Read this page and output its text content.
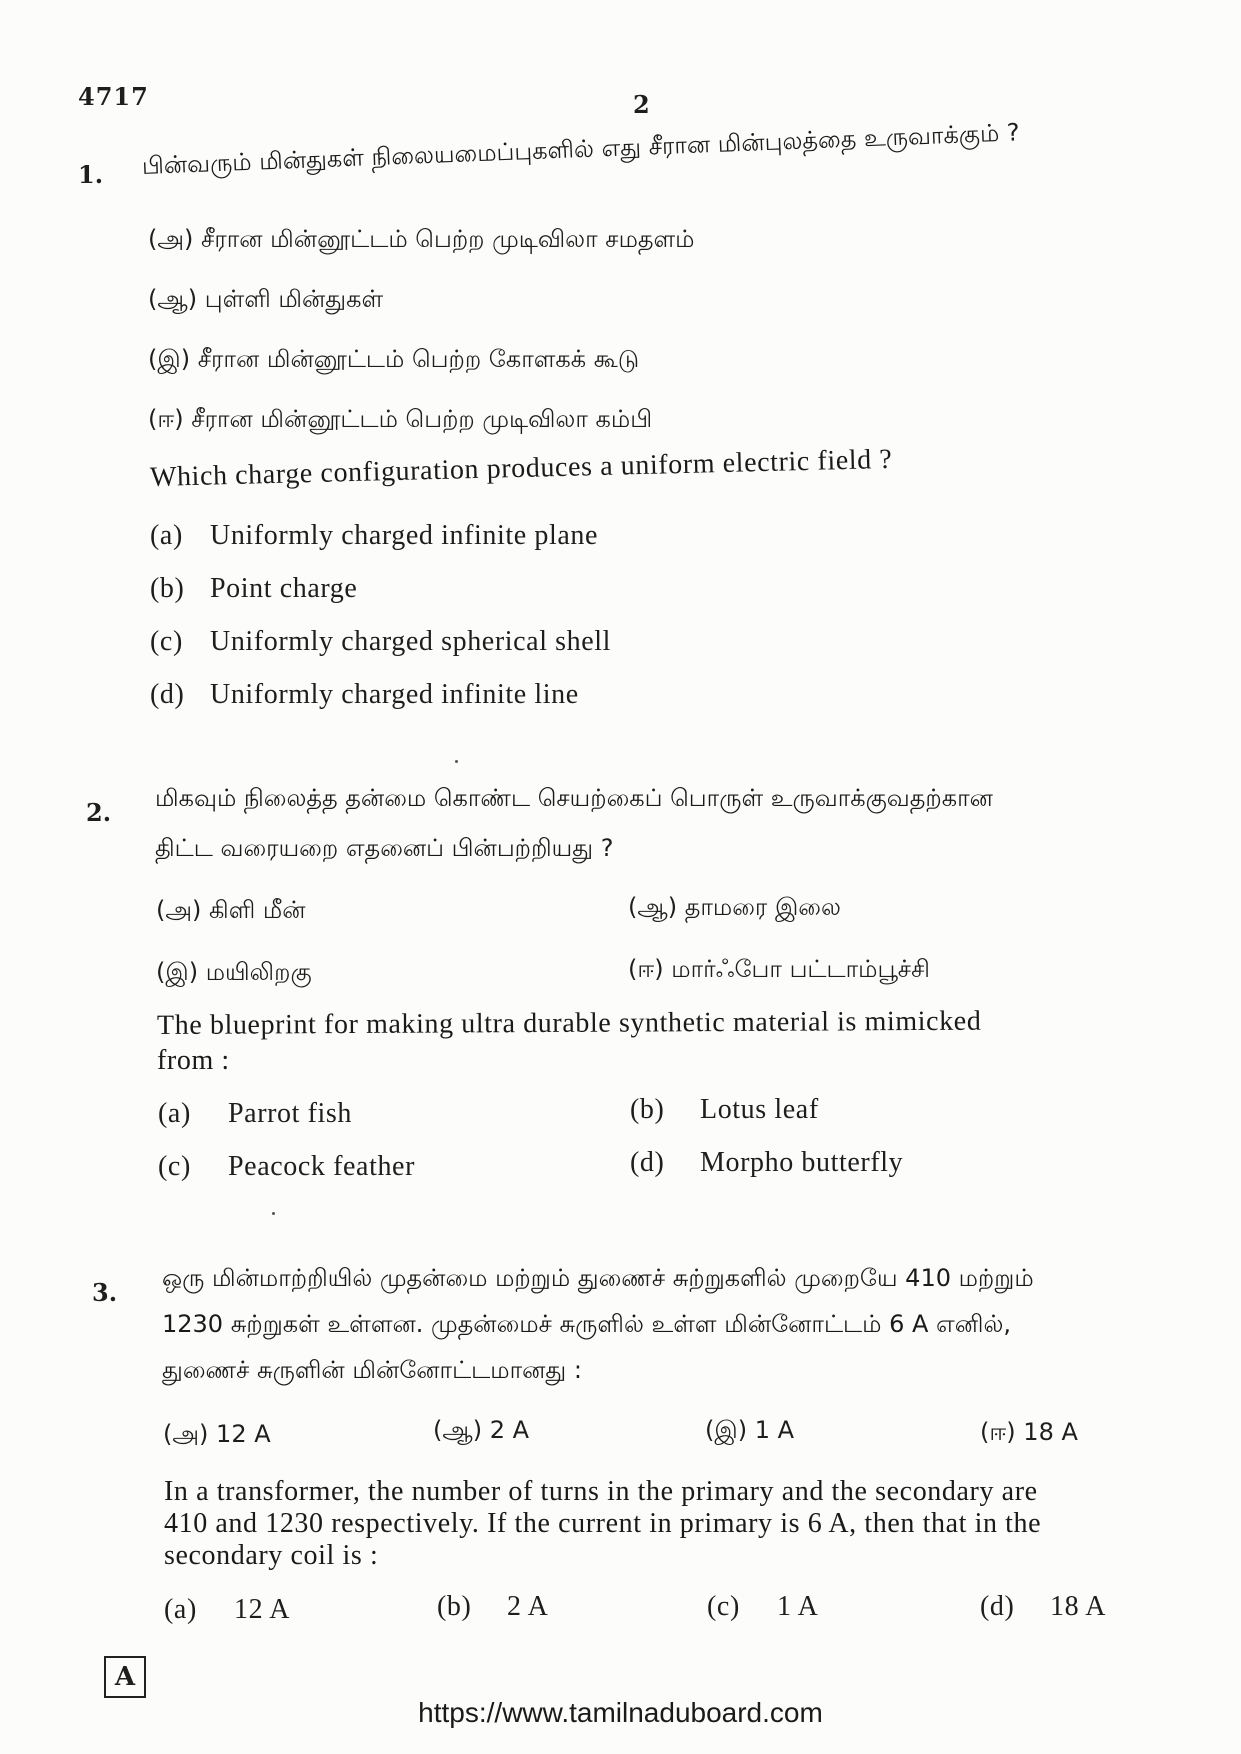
4717	2
1. பின்வரும் மின்துகள் நிலையமைப்புகளில் எது சீரான மின்புலத்தை உருவாக்கும் ?
(அ) சீரான மின்னூட்டம் பெற்ற முடிவிலா சமதளம்
(ஆ) புள்ளி மின்துகள்
(இ) சீரான மின்னூட்டம் பெற்ற கோளகக் கூடு
(ஈ) சீரான மின்னூட்டம் பெற்ற முடிவிலா கம்பி
Which charge configuration produces a uniform electric field ?
(a) Uniformly charged infinite plane
(b) Point charge
(c) Uniformly charged spherical shell
(d) Uniformly charged infinite line
2. மிகவும் நிலைத்த தன்மை கொண்ட செயற்கைப் பொருள் உருவாக்குவதற்கான
திட்ட வரையறை எதனைப் பின்பற்றியது ?
(அ) கிளி மீன்	(ஆ) தாமரை இலை
(இ) மயிலிறகு	(ஈ) மார்ஃபோ பட்டாம்பூச்சி
The blueprint for making ultra durable synthetic material is mimicked
from :
(a) Parrot fish	(b) Lotus leaf
(c) Peacock feather	(d) Morpho butterfly
3. ஒரு மின்மாற்றியில் முதன்மை மற்றும் துணைச் சுற்றுகளில் முறையே 410 மற்றும்
1230 சுற்றுகள் உள்ளன. முதன்மைச் சுருளில் உள்ள மின்னோட்டம் 6 A எனில்,
துணைச் சுருளின் மின்னோட்டமானது :
(அ) 12 A	(ஆ) 2 A	(இ) 1 A	(ஈ) 18 A
In a transformer, the number of turns in the primary and the secondary are
410 and 1230 respectively. If the current in primary is 6 A, then that in the
secondary coil is :
(a) 12 A	(b) 2 A	(c) 1 A	(d) 18 A
A
https://www.tamilnaduboard.com
